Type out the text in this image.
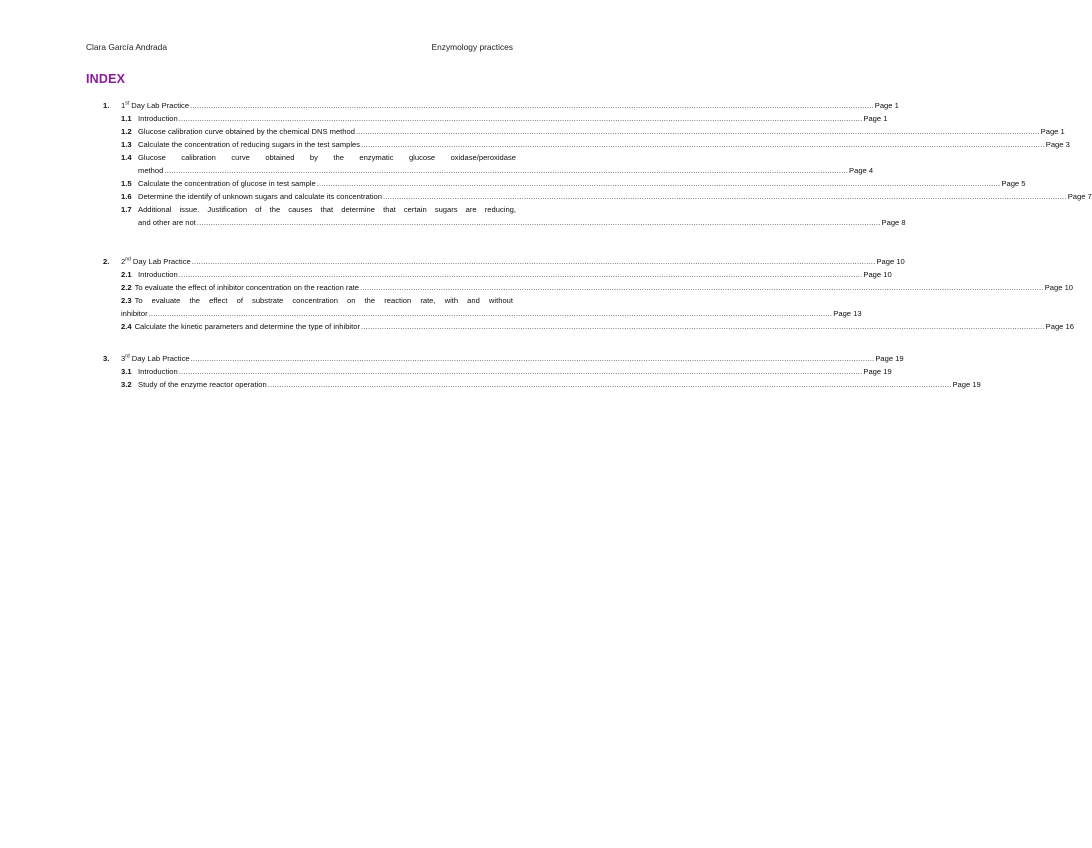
Clara García Andrada	Enzymology practices
INDEX
1.	1st Day Lab Practice .....	Page 1
1.1 Introduction .....	Page 1
1.2 Glucose calibration curve obtained by the chemical DNS method .....	Page 1
1.3 Calculate the concentration of reducing sugars in the test samples .....	Page 3
1.4 Glucose calibration curve obtained by the enzymatic glucose oxidase/peroxidase
method .....	Page 4
1.5 Calculate the concentration of glucose in test sample .....	Page 5
1.6 Determine the identify of unknown sugars and calculate its concentration .....	Page 7
1.7 Additional issue. Justification of the causes that determine that certain sugars are reducing,
and other are not .....	Page 8
2.	2nd Day Lab Practice .....	Page 10
2.1 Introduction .....	Page 10
2.2 To evaluate the effect of inhibitor concentration on the reaction rate .....	Page 10
2.3 To evaluate the effect of substrate concentration on the reaction rate, with and without
inhibitor .....	Page 13
2.4 Calculate the kinetic parameters and determine the type of inhibitor .....	Page 16
3.	3rd Day Lab Practice .....	Page 19
3.1 Introduction .....	Page 19
3.2 Study of the enzyme reactor operation .....	Page 19
